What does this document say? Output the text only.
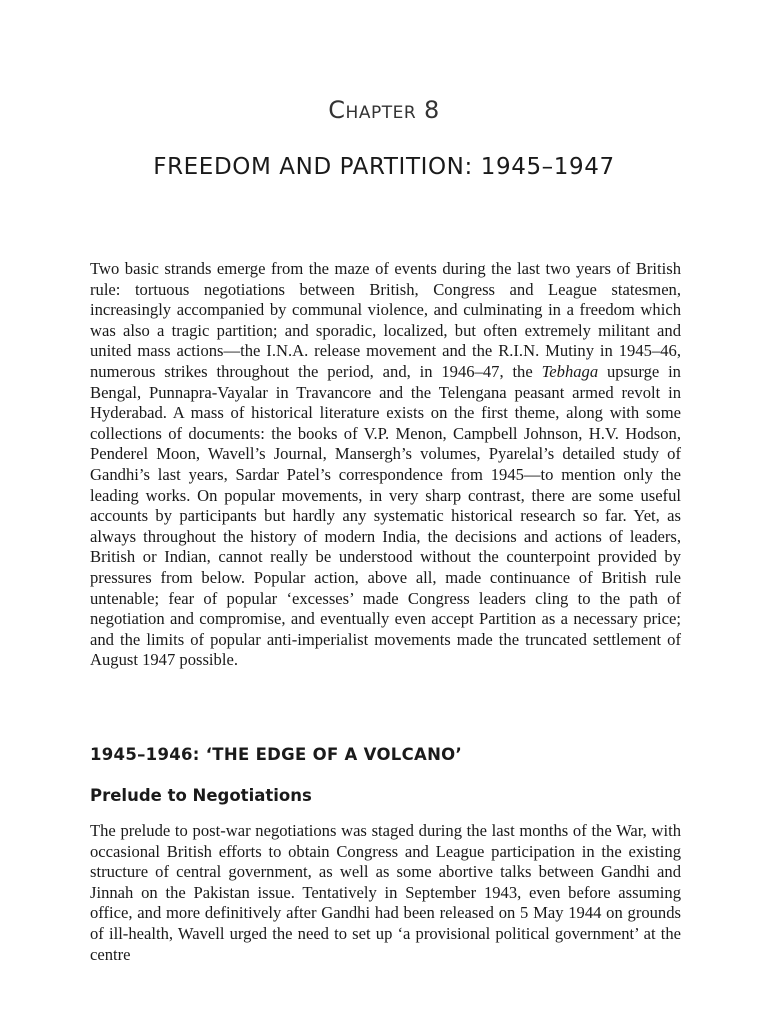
CHAPTER 8
FREEDOM AND PARTITION: 1945–1947

Two basic strands emerge from the maze of events during the last two years of British rule: tortuous negotiations between British, Congress and League statesmen, increasingly accompanied by communal violence, and culminating in a freedom which was also a tragic partition; and sporadic, localized, but often extremely militant and united mass actions—the I.N.A. release movement and the R.I.N. Mutiny in 1945–46, numerous strikes throughout the period, and, in 1946–47, the Tebhaga upsurge in Bengal, Punnapra-Vayalar in Travancore and the Telengana peasant armed revolt in Hyderabad. A mass of historical literature exists on the first theme, along with some collections of documents: the books of V.P. Menon, Campbell Johnson, H.V. Hodson, Penderel Moon, Wavell’s Journal, Mansergh’s volumes, Pyarelal’s detailed study of Gandhi’s last years, Sardar Patel’s correspondence from 1945—to mention only the leading works. On popular movements, in very sharp contrast, there are some useful accounts by participants but hardly any systematic historical research so far. Yet, as always throughout the history of modern India, the decisions and actions of leaders, British or Indian, cannot really be understood without the counterpoint provided by pressures from below. Popular action, above all, made continuance of British rule untenable; fear of popular ‘excesses’ made Congress leaders cling to the path of negotiation and compromise, and eventually even accept Partition as a necessary price; and the limits of popular anti-imperialist movements made the truncated settlement of August 1947 possible.

1945–1946: ‘THE EDGE OF A VOLCANO’
Prelude to Negotiations

The prelude to post-war negotiations was staged during the last months of the War, with occasional British efforts to obtain Congress and League participation in the existing structure of central government, as well as some abortive talks between Gandhi and Jinnah on the Pakistan issue. Tentatively in September 1943, even before assuming office, and more definitively after Gandhi had been released on 5 May 1944 on grounds of ill-health, Wavell urged the need to set up ‘a provisional political government’ at the centre
